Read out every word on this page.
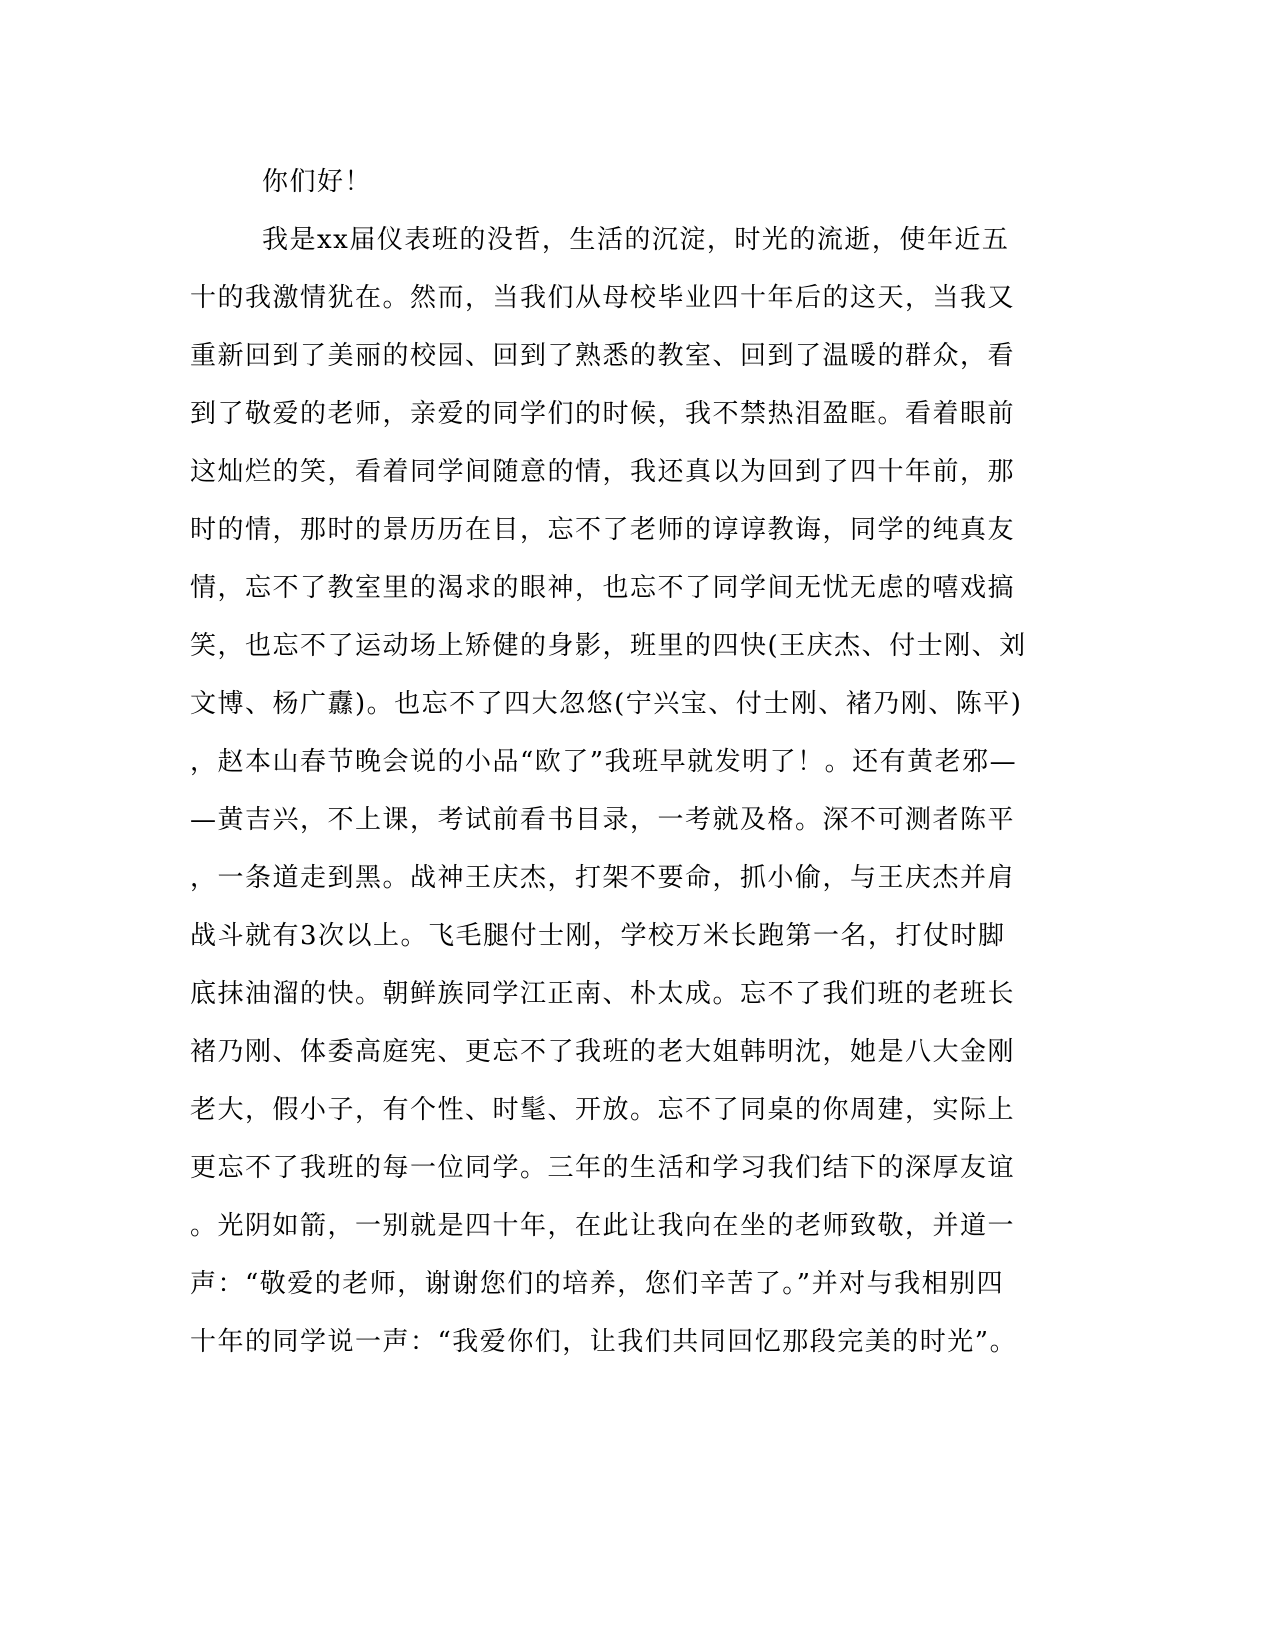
你们好！
我是xx届仪表班的没哲，生活的沉淀，时光的流逝，使年近五
十的我激情犹在。然而，当我们从母校毕业四十年后的这天，当我又
重新回到了美丽的校园、回到了熟悉的教室、回到了温暖的群众，看
到了敬爱的老师，亲爱的同学们的时候，我不禁热泪盈眶。看着眼前
这灿烂的笑，看着同学间随意的情，我还真以为回到了四十年前，那
时的情，那时的景历历在目，忘不了老师的谆谆教诲，同学的纯真友
情，忘不了教室里的渴求的眼神，也忘不了同学间无忧无虑的嘻戏搞
笑，也忘不了运动场上矫健的身影，班里的四快(王庆杰、付士刚、刘
文博、杨广纛)。也忘不了四大忽悠(宁兴宝、付士刚、褚乃刚、陈平)
，赵本山春节晚会说的小品“欧了”我班早就发明了！。还有黄老邪—
—黄吉兴，不上课，考试前看书目录，一考就及格。深不可测者陈平
，一条道走到黑。战神王庆杰，打架不要命，抓小偷，与王庆杰并肩
战斗就有3次以上。飞毛腿付士刚，学校万米长跑第一名，打仗时脚
底抹油溜的快。朝鲜族同学江正南、朴太成。忘不了我们班的老班长
褚乃刚、体委高庭宪、更忘不了我班的老大姐韩明沈，她是八大金刚
老大，假小子，有个性、时髦、开放。忘不了同桌的你周建，实际上
更忘不了我班的每一位同学。三年的生活和学习我们结下的深厚友谊
。光阴如箭，一别就是四十年，在此让我向在坐的老师致敬，并道一
声：“敬爱的老师，谢谢您们的培养，您们辛苦了。”并对与我相别四
十年的同学说一声：“我爱你们，让我们共同回忆那段完美的时光”。
